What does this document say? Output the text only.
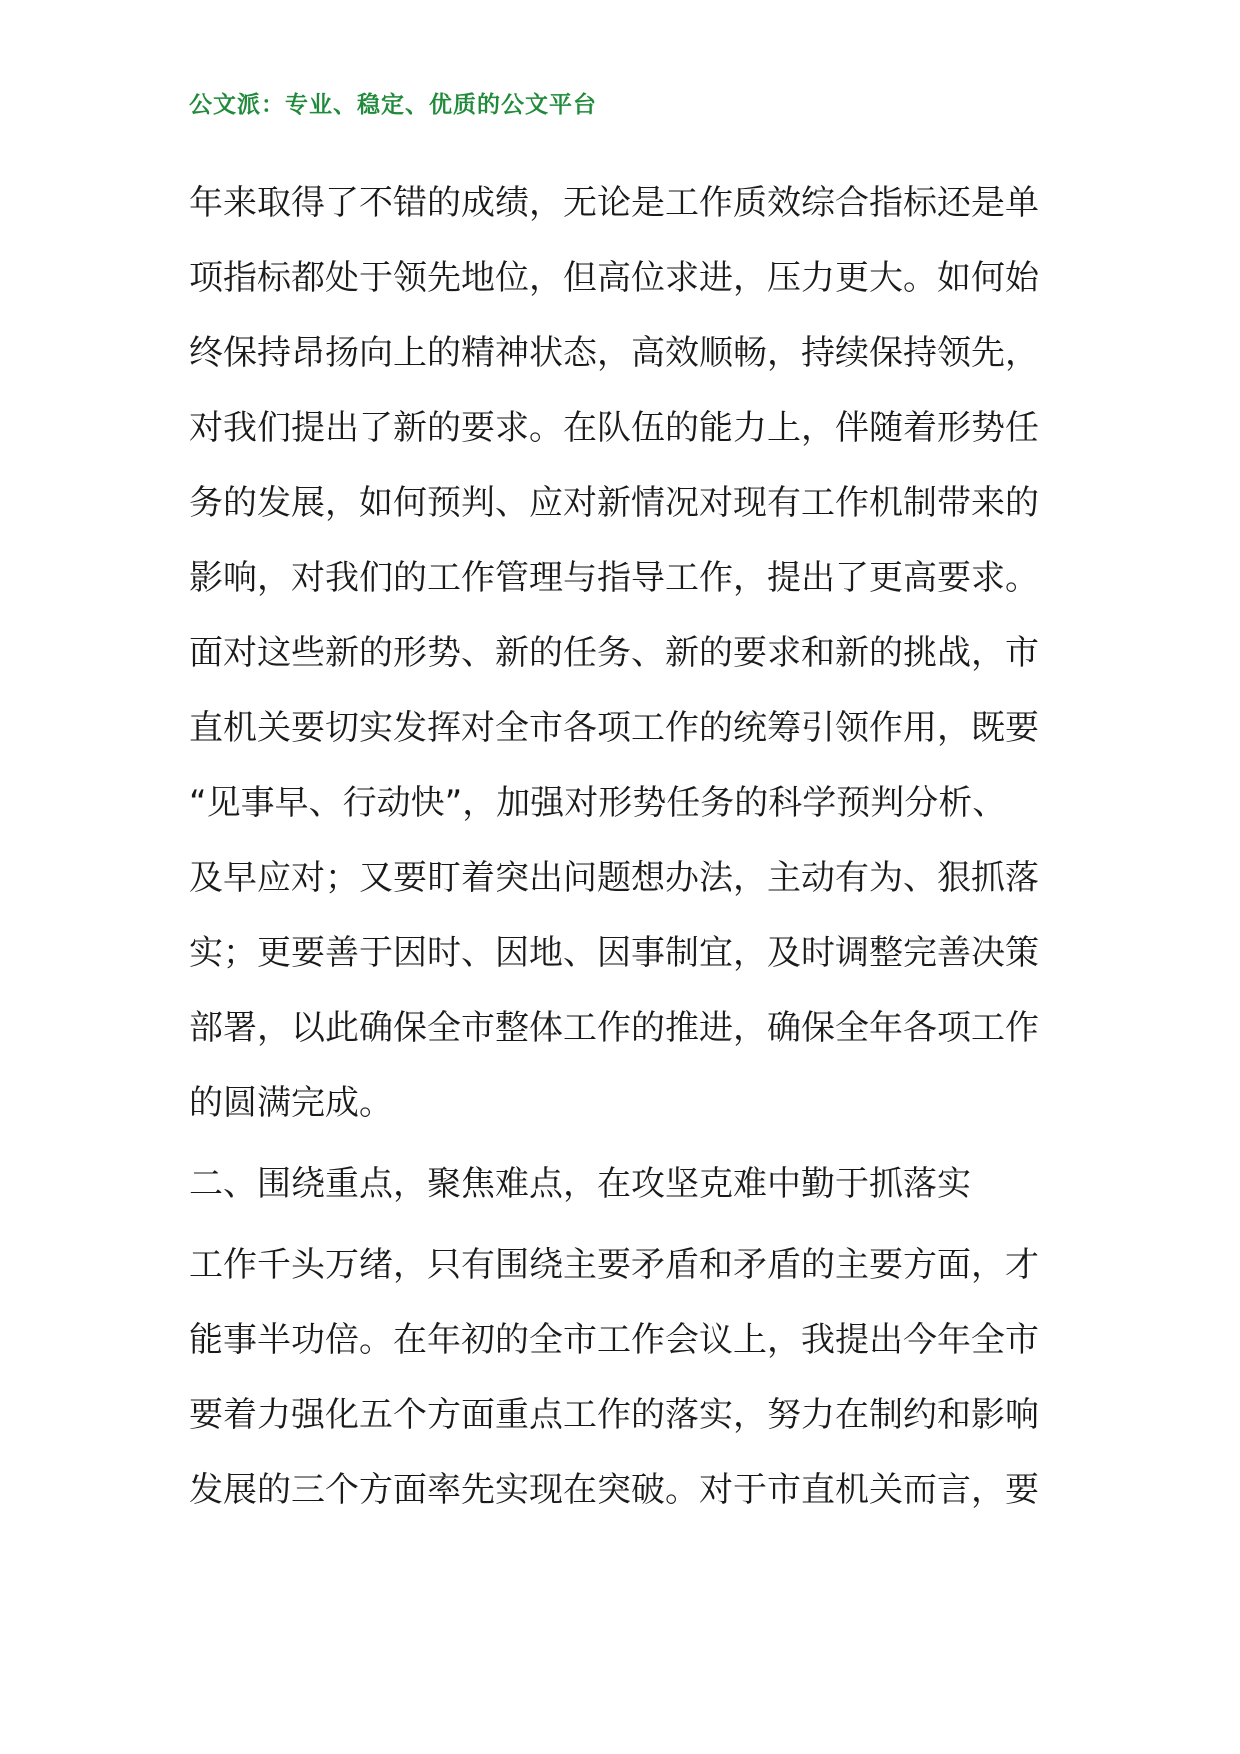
公文派：专业、稳定、优质的公文平台
年来取得了不错的成绩，无论是工作质效综合指标还是单
项指标都处于领先地位，但高位求进，压力更大。如何始
终保持昂扬向上的精神状态，高效顺畅，持续保持领先，
对我们提出了新的要求。在队伍的能力上，伴随着形势任
务的发展，如何预判、应对新情况对现有工作机制带来的
影响，对我们的工作管理与指导工作，提出了更高要求。
面对这些新的形势、新的任务、新的要求和新的挑战，市
直机关要切实发挥对全市各项工作的统筹引领作用，既要
“见事早、行动快”，加强对形势任务的科学预判分析、
及早应对；又要盯着突出问题想办法，主动有为、狠抓落
实；更要善于因时、因地、因事制宜，及时调整完善决策
部署，以此确保全市整体工作的推进，确保全年各项工作
的圆满完成。
二、围绕重点，聚焦难点，在攻坚克难中勤于抓落实
工作千头万绪，只有围绕主要矛盾和矛盾的主要方面，才
能事半功倍。在年初的全市工作会议上，我提出今年全市
要着力强化五个方面重点工作的落实，努力在制约和影响
发展的三个方面率先实现在突破。对于市直机关而言，要
